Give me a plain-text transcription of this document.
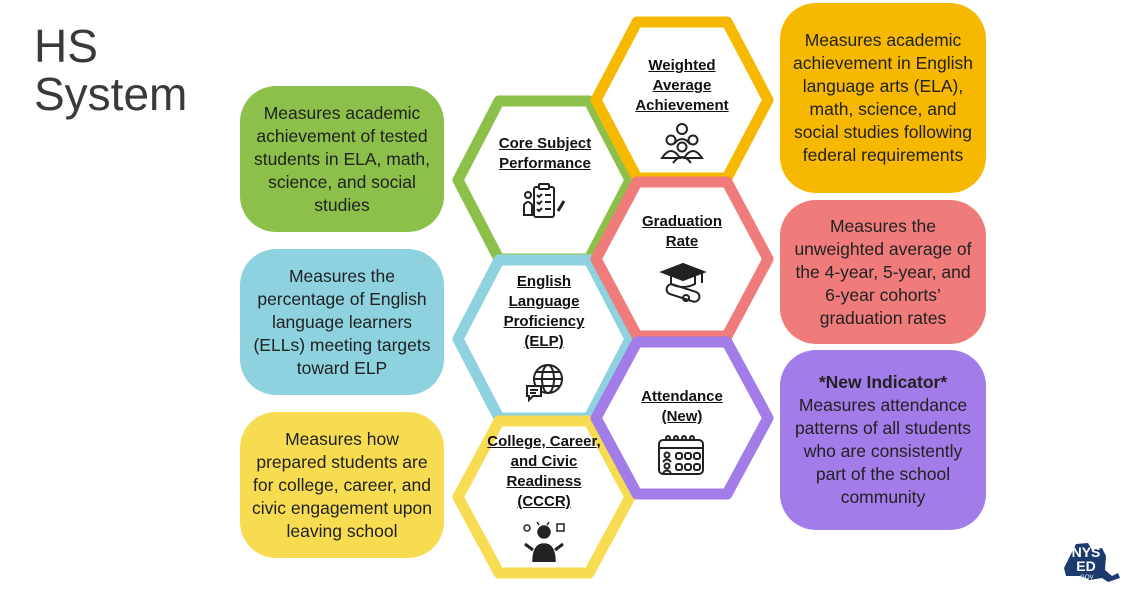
HS
System	Measures academic achievement of tested students in ELA, math, science, and social studies
Measures the percentage of English language learners (ELLs) meeting targets toward ELP
Measures how prepared students are for college, career, and civic engagement upon leaving school
Measures academic achievement in English language arts (ELA), math, science, and social studies following federal requirements
Measures the unweighted average of the 4-year, 5-year, and 6-year cohorts’ graduation rates
*New Indicator*
Measures attendance patterns of all students who are consistently part of the school community
Core Subject Performance
Weighted Average Achievement
Graduation Rate
English Language Proficiency (ELP)
Attendance (New)
College, Career, and Civic Readiness (CCCR)
NYS
ED
.GOV
